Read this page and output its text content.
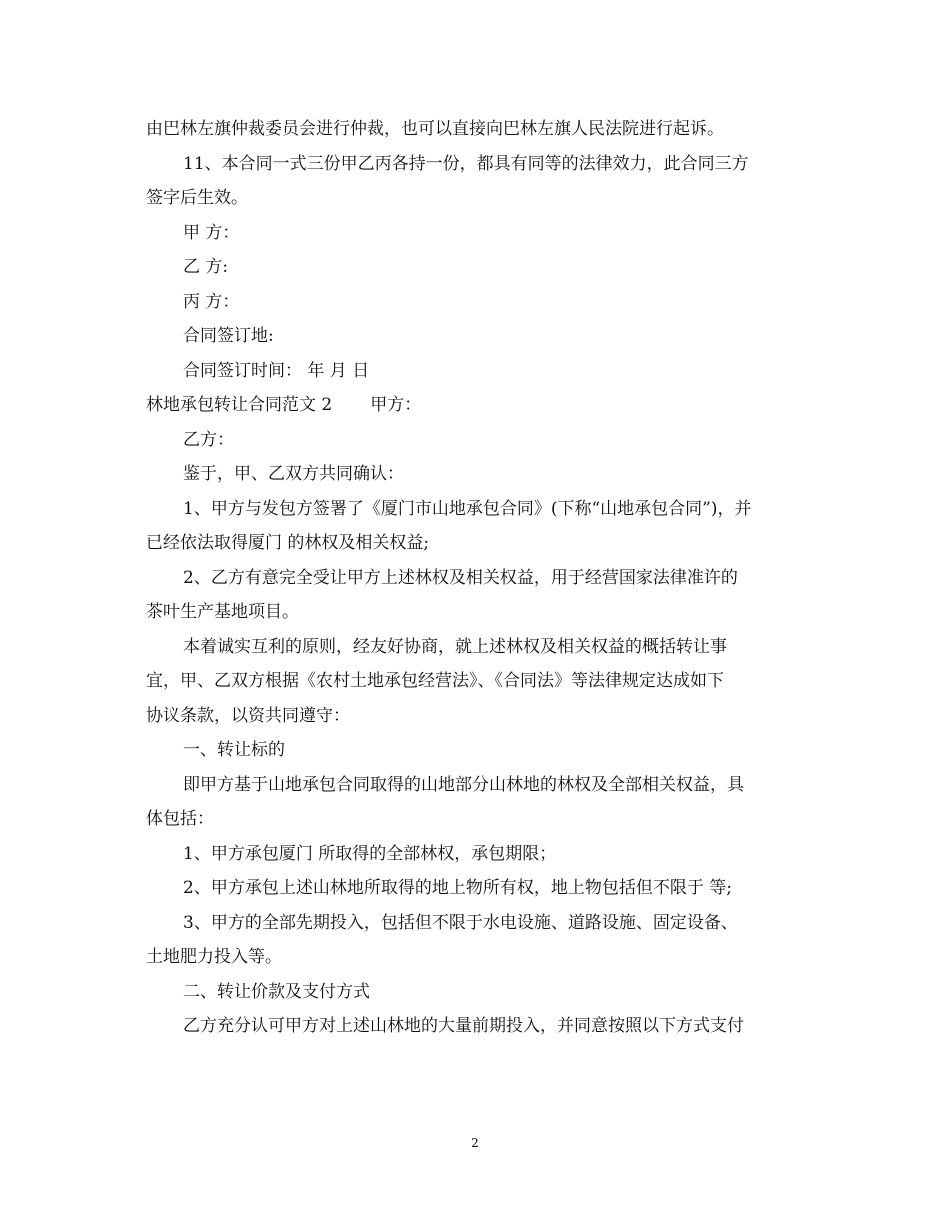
由巴林左旗仲裁委员会进行仲裁，也可以直接向巴林左旗人民法院进行起诉。
11、本合同一式三份甲乙丙各持一份，都具有同等的法律效力，此合同三方
签字后生效。
甲 方：
乙 方:
丙 方：
合同签订地:
合同签订时间： 年 月 日
林地承包转让合同范文 2 甲方：
乙方：
鉴于，甲、乙双方共同确认：
1、甲方与发包方签署了《厦门市山地承包合同》(下称“山地承包合同”)，并
已经依法取得厦门 的林权及相关权益;
2、乙方有意完全受让甲方上述林权及相关权益，用于经营国家法律准许的
茶叶生产基地项目。
本着诚实互利的原则，经友好协商，就上述林权及相关权益的概括转让事
宜，甲、乙双方根据《农村土地承包经营法》、《合同法》等法律规定达成如下
协议条款，以资共同遵守：
一、转让标的
即甲方基于山地承包合同取得的山地部分山林地的林权及全部相关权益，具
体包括：
1、甲方承包厦门 所取得的全部林权，承包期限；
2、甲方承包上述山林地所取得的地上物所有权，地上物包括但不限于 等;
3、甲方的全部先期投入，包括但不限于水电设施、道路设施、固定设备、
土地肥力投入等。
二、转让价款及支付方式
乙方充分认可甲方对上述山林地的大量前期投入，并同意按照以下方式支付
2
